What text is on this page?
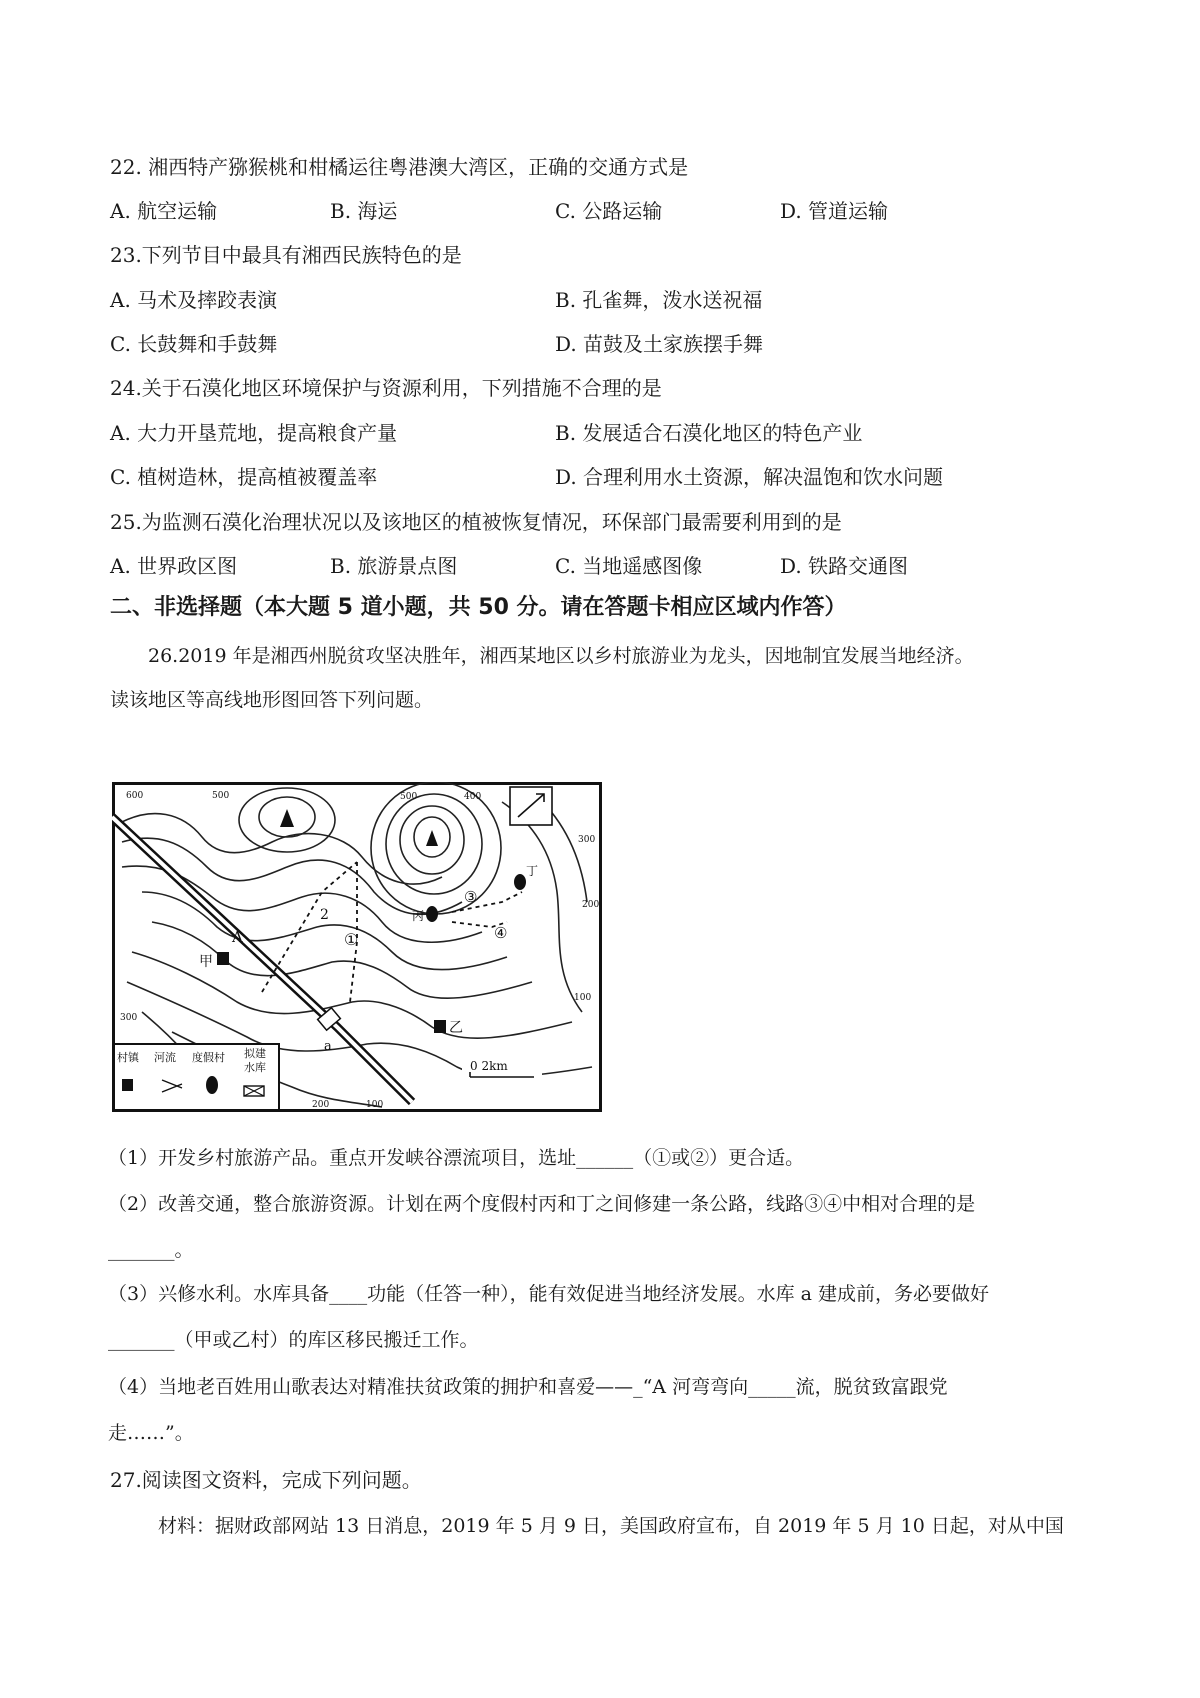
22. 湘西特产猕猴桃和柑橘运往粤港澳大湾区，正确的交通方式是
A. 航空运输	B. 海运	C. 公路运输	D. 管道运输
23.下列节目中最具有湘西民族特色的是
A. 马术及摔跤表演	B. 孔雀舞，泼水送祝福
C. 长鼓舞和手鼓舞	D. 苗鼓及土家族摆手舞
24.关于石漠化地区环境保护与资源利用，下列措施不合理的是
A. 大力开垦荒地，提高粮食产量	B. 发展适合石漠化地区的特色产业
C. 植树造林，提高植被覆盖率	D. 合理利用水土资源，解决温饱和饮水问题
25.为监测石漠化治理状况以及该地区的植被恢复情况，环保部门最需要利用到的是
A. 世界政区图	B. 旅游景点图	C. 当地遥感图像	D. 铁路交通图
二、非选择题（本大题 5 道小题，共 50 分。请在答题卡相应区域内作答）
26.2019 年是湘西州脱贫攻坚决胜年，湘西某地区以乡村旅游业为龙头，因地制宜发展当地经济。
读该地区等高线地形图回答下列问题。
600	500	500	400
300
200
300
100
200	100
A
甲
乙
丙
丁
a
①
2
③
④
村镇 河流 度假村 拟建
水库	0 2km
（1）开发乡村旅游产品。重点开发峡谷漂流项目，选址______（①或②）更合适。
（2）改善交通，整合旅游资源。计划在两个度假村丙和丁之间修建一条公路，线路③④中相对合理的是
_______。
（3）兴修水利。水库具备____功能（任答一种），能有效促进当地经济发展。水库 a 建成前，务必要做好
_______（甲或乙村）的库区移民搬迁工作。
（4）当地老百姓用山歌表达对精准扶贫政策的拥护和喜爱——_“A 河弯弯向_____流，脱贫致富跟党
走……”。
27.阅读图文资料，完成下列问题。
材料：据财政部网站 13 日消息，2019 年 5 月 9 日，美国政府宣布，自 2019 年 5 月 10 日起，对从中国
